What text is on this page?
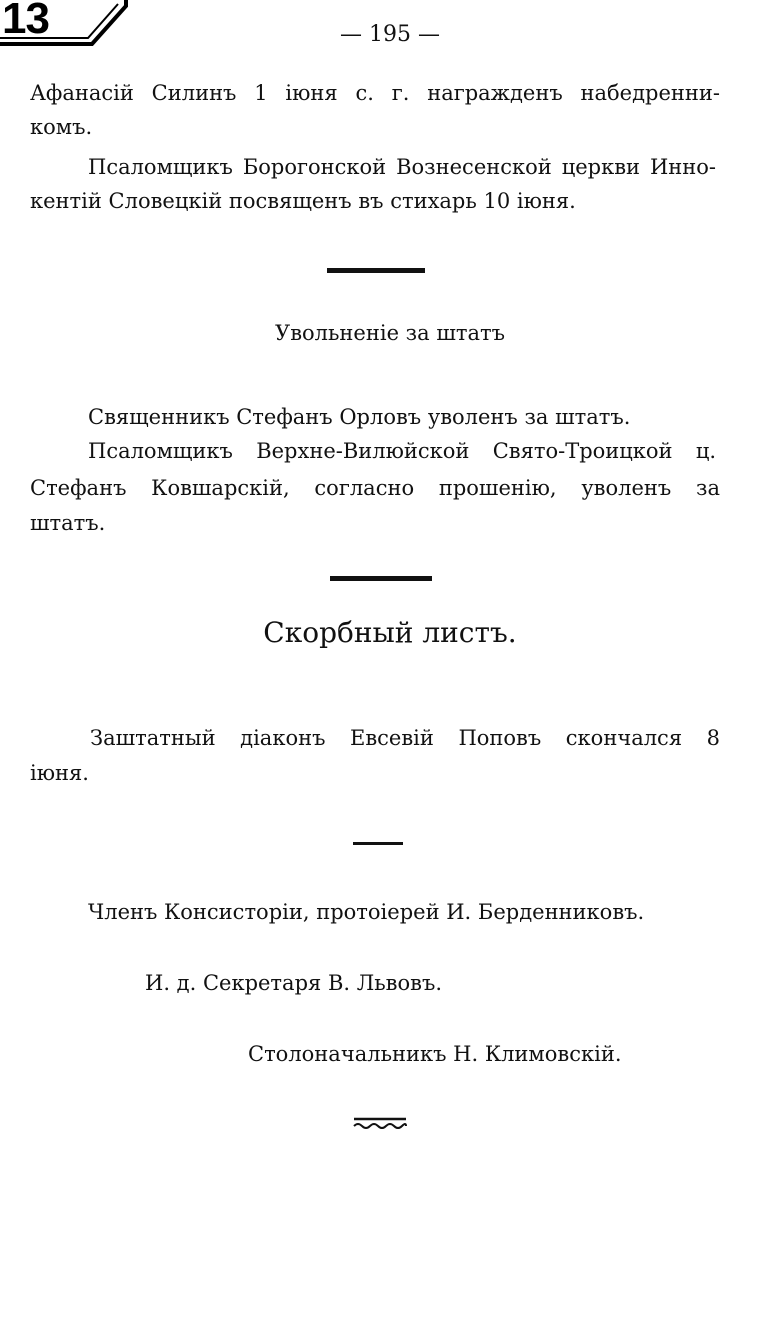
13	— 195 —
Афанасій Силинъ 1 іюня с. г. награжденъ набедренни-
комъ.
Псаломщикъ Борогонской Вознесенской церкви Инно-
кентій Словецкій посвященъ въ стихарь 10 іюня.
Увольненіе за штатъ
Священникъ Стефанъ Орловъ уволенъ за штатъ.
Псаломщикъ Верхне-Вилюйской Свято-Троицкой ц.
Стефанъ Ковшарскій, согласно прошенію, уволенъ за
штатъ.
Скорбный листъ.
Заштатный діаконъ Евсевій Поповъ скончался 8
іюня.
Членъ Консисторіи, протоіерей И. Берденниковъ.
И. д. Секретаря В. Львовъ.
Столоначальникъ Н. Климовскій.
